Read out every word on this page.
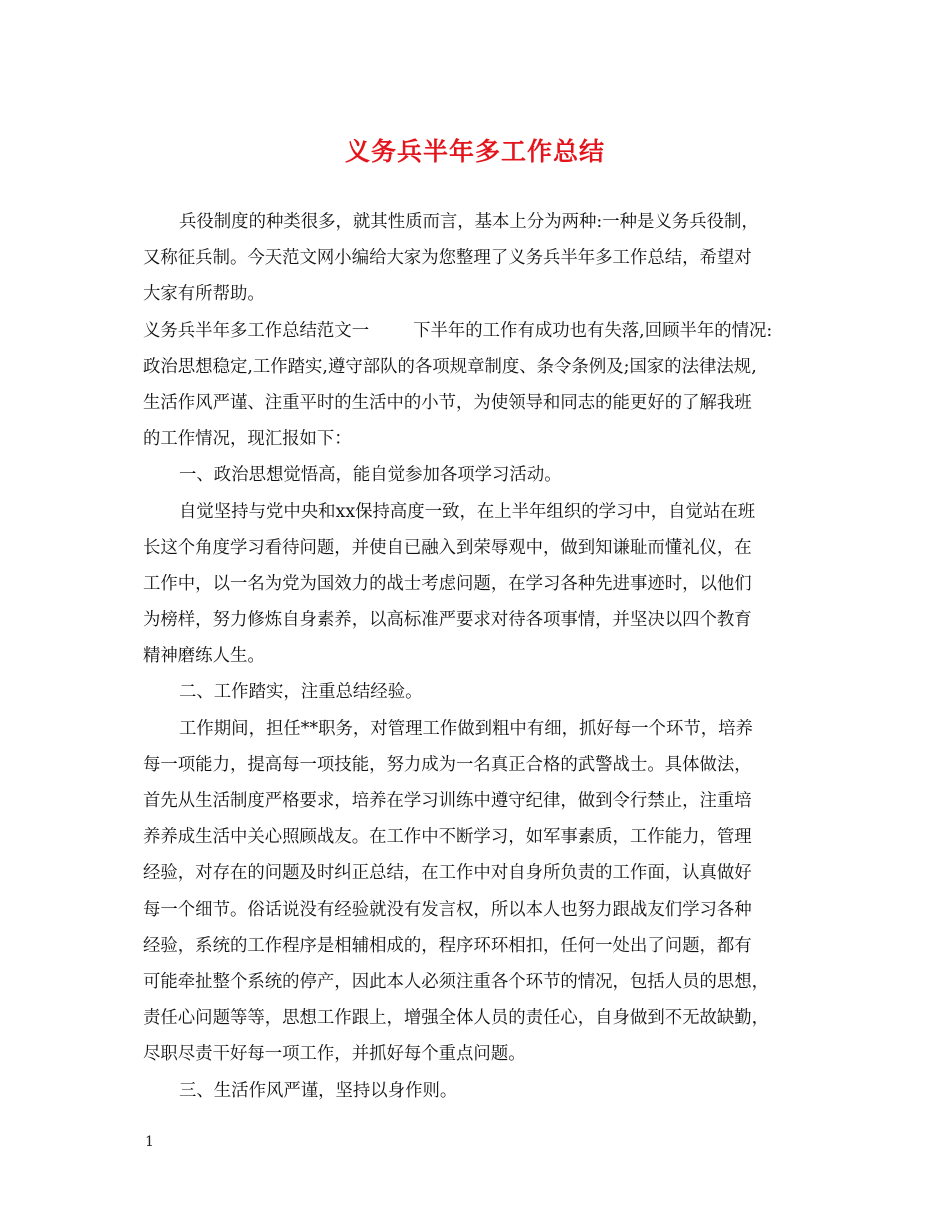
义务兵半年多工作总结
兵役制度的种类很多，就其性质而言，基本上分为两种:一种是义务兵役制，
又称征兵制。今天范文网小编给大家为您整理了义务兵半年多工作总结，希望对
大家有所帮助。
义务兵半年多工作总结范文一	下半年的工作有成功也有失落,回顾半年的情况:
政治思想稳定,工作踏实,遵守部队的各项规章制度、条令条例及;国家的法律法规,
生活作风严谨、注重平时的生活中的小节，为使领导和同志的能更好的了解我班
的工作情况，现汇报如下：
一、政治思想觉悟高，能自觉参加各项学习活动。
自觉坚持与党中央和xx保持高度一致，在上半年组织的学习中，自觉站在班
长这个角度学习看待问题，并使自已融入到荣辱观中，做到知谦耻而懂礼仪，在
工作中，以一名为党为国效力的战士考虑问题，在学习各种先进事迹时，以他们
为榜样，努力修炼自身素养，以高标准严要求对待各项事情，并坚决以四个教育
精神磨练人生。
二、工作踏实，注重总结经验。
工作期间，担任**职务，对管理工作做到粗中有细，抓好每一个环节，培养
每一项能力，提高每一项技能，努力成为一名真正合格的武警战士。具体做法，
首先从生活制度严格要求，培养在学习训练中遵守纪律，做到令行禁止，注重培
养养成生活中关心照顾战友。在工作中不断学习，如军事素质，工作能力，管理
经验，对存在的问题及时纠正总结，在工作中对自身所负责的工作面，认真做好
每一个细节。俗话说没有经验就没有发言权，所以本人也努力跟战友们学习各种
经验，系统的工作程序是相辅相成的，程序环环相扣，任何一处出了问题，都有
可能牵扯整个系统的停产，因此本人必须注重各个环节的情况，包括人员的思想，
责任心问题等等，思想工作跟上，增强全体人员的责任心，自身做到不无故缺勤，
尽职尽责干好每一项工作，并抓好每个重点问题。
三、生活作风严谨，坚持以身作则。
1
